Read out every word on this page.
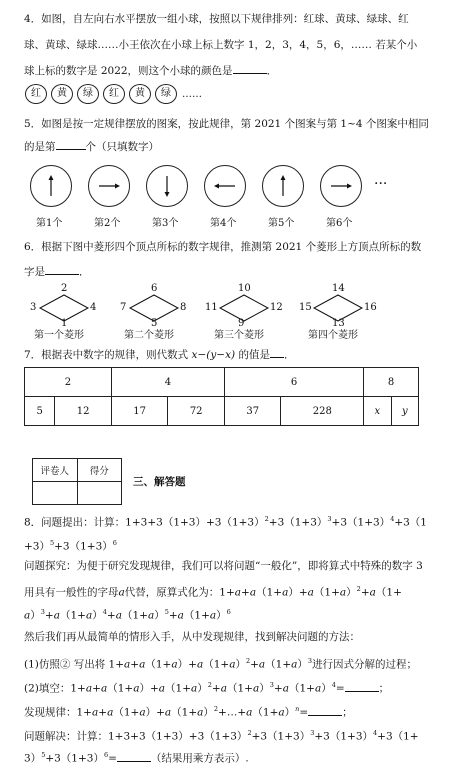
4．如图，自左向右水平摆放一组小球，按照以下规律排列：红球、黄球、绿球、红
球、黄球、绿球……小王依次在小球上标上数字 1，2，3，4，5，6，…… 若某个小
球上标的数字是 2022，则这个小球的颜色是	．
红	黄	绿	红	黄	绿	……
5．如图是按一定规律摆放的图案，按此规律，第 2021 个图案与第 1~4 个图案中相同
的是第	个（只填数字）
第1个	第2个	第3个	第4个	第5个	第6个
···
6．根据下图中菱形四个顶点所标的数字规律，推测第 2021 个菱形上方顶点所标的数
字是	．
2
3	4
1
第一个菱形
6
7	8
5
第二个菱形
10
11	12
9
第三个菱形
14
15	16
13
第四个菱形
7．根据表中数字的规律，则代数式 x−(y−x) 的值是 ．
2		4		6		8	
5	12	17	72	37	228	x	y
评卷人	得分

三、解答题
8．问题提出：计算：$1+3+3(1+3)+3(1+3)^2+3(1+3)^3+3(1+3)^4+3(1$
$+3)^5+3(1+3)^6$
问题探究：为便于研究发现规律，我们可以将问题“一般化”，即将算式中特殊的数字 3
用具有一般性的字母a代替，原算式化为：$1+a+a(1+a)+a(1+a)^2+a(1+$
$a)^3+a(1+a)^4+a(1+a)^5+a(1+a)^6$
然后我们再从最简单的情形入手，从中发现规律，找到解决问题的方法：
(1)仿照② 写出将 $1+a+a(1+a)+a(1+a)^2+a(1+a)^3$进行因式分解的过程；
(2)填空：$1+a+a(1+a)+a(1+a)^2+a(1+a)^3+a(1+a)^4=$	；
发现规律：$1+a+a(1+a)+a(1+a)^2+\dots+a(1+a)^n=$	；
问题解决：计算：$1+3+3(1+3)+3(1+3)^2+3(1+3)^3+3(1+3)^4+3(1+$
$3)^5+3(1+3)^6=$	（结果用乘方表示）.
